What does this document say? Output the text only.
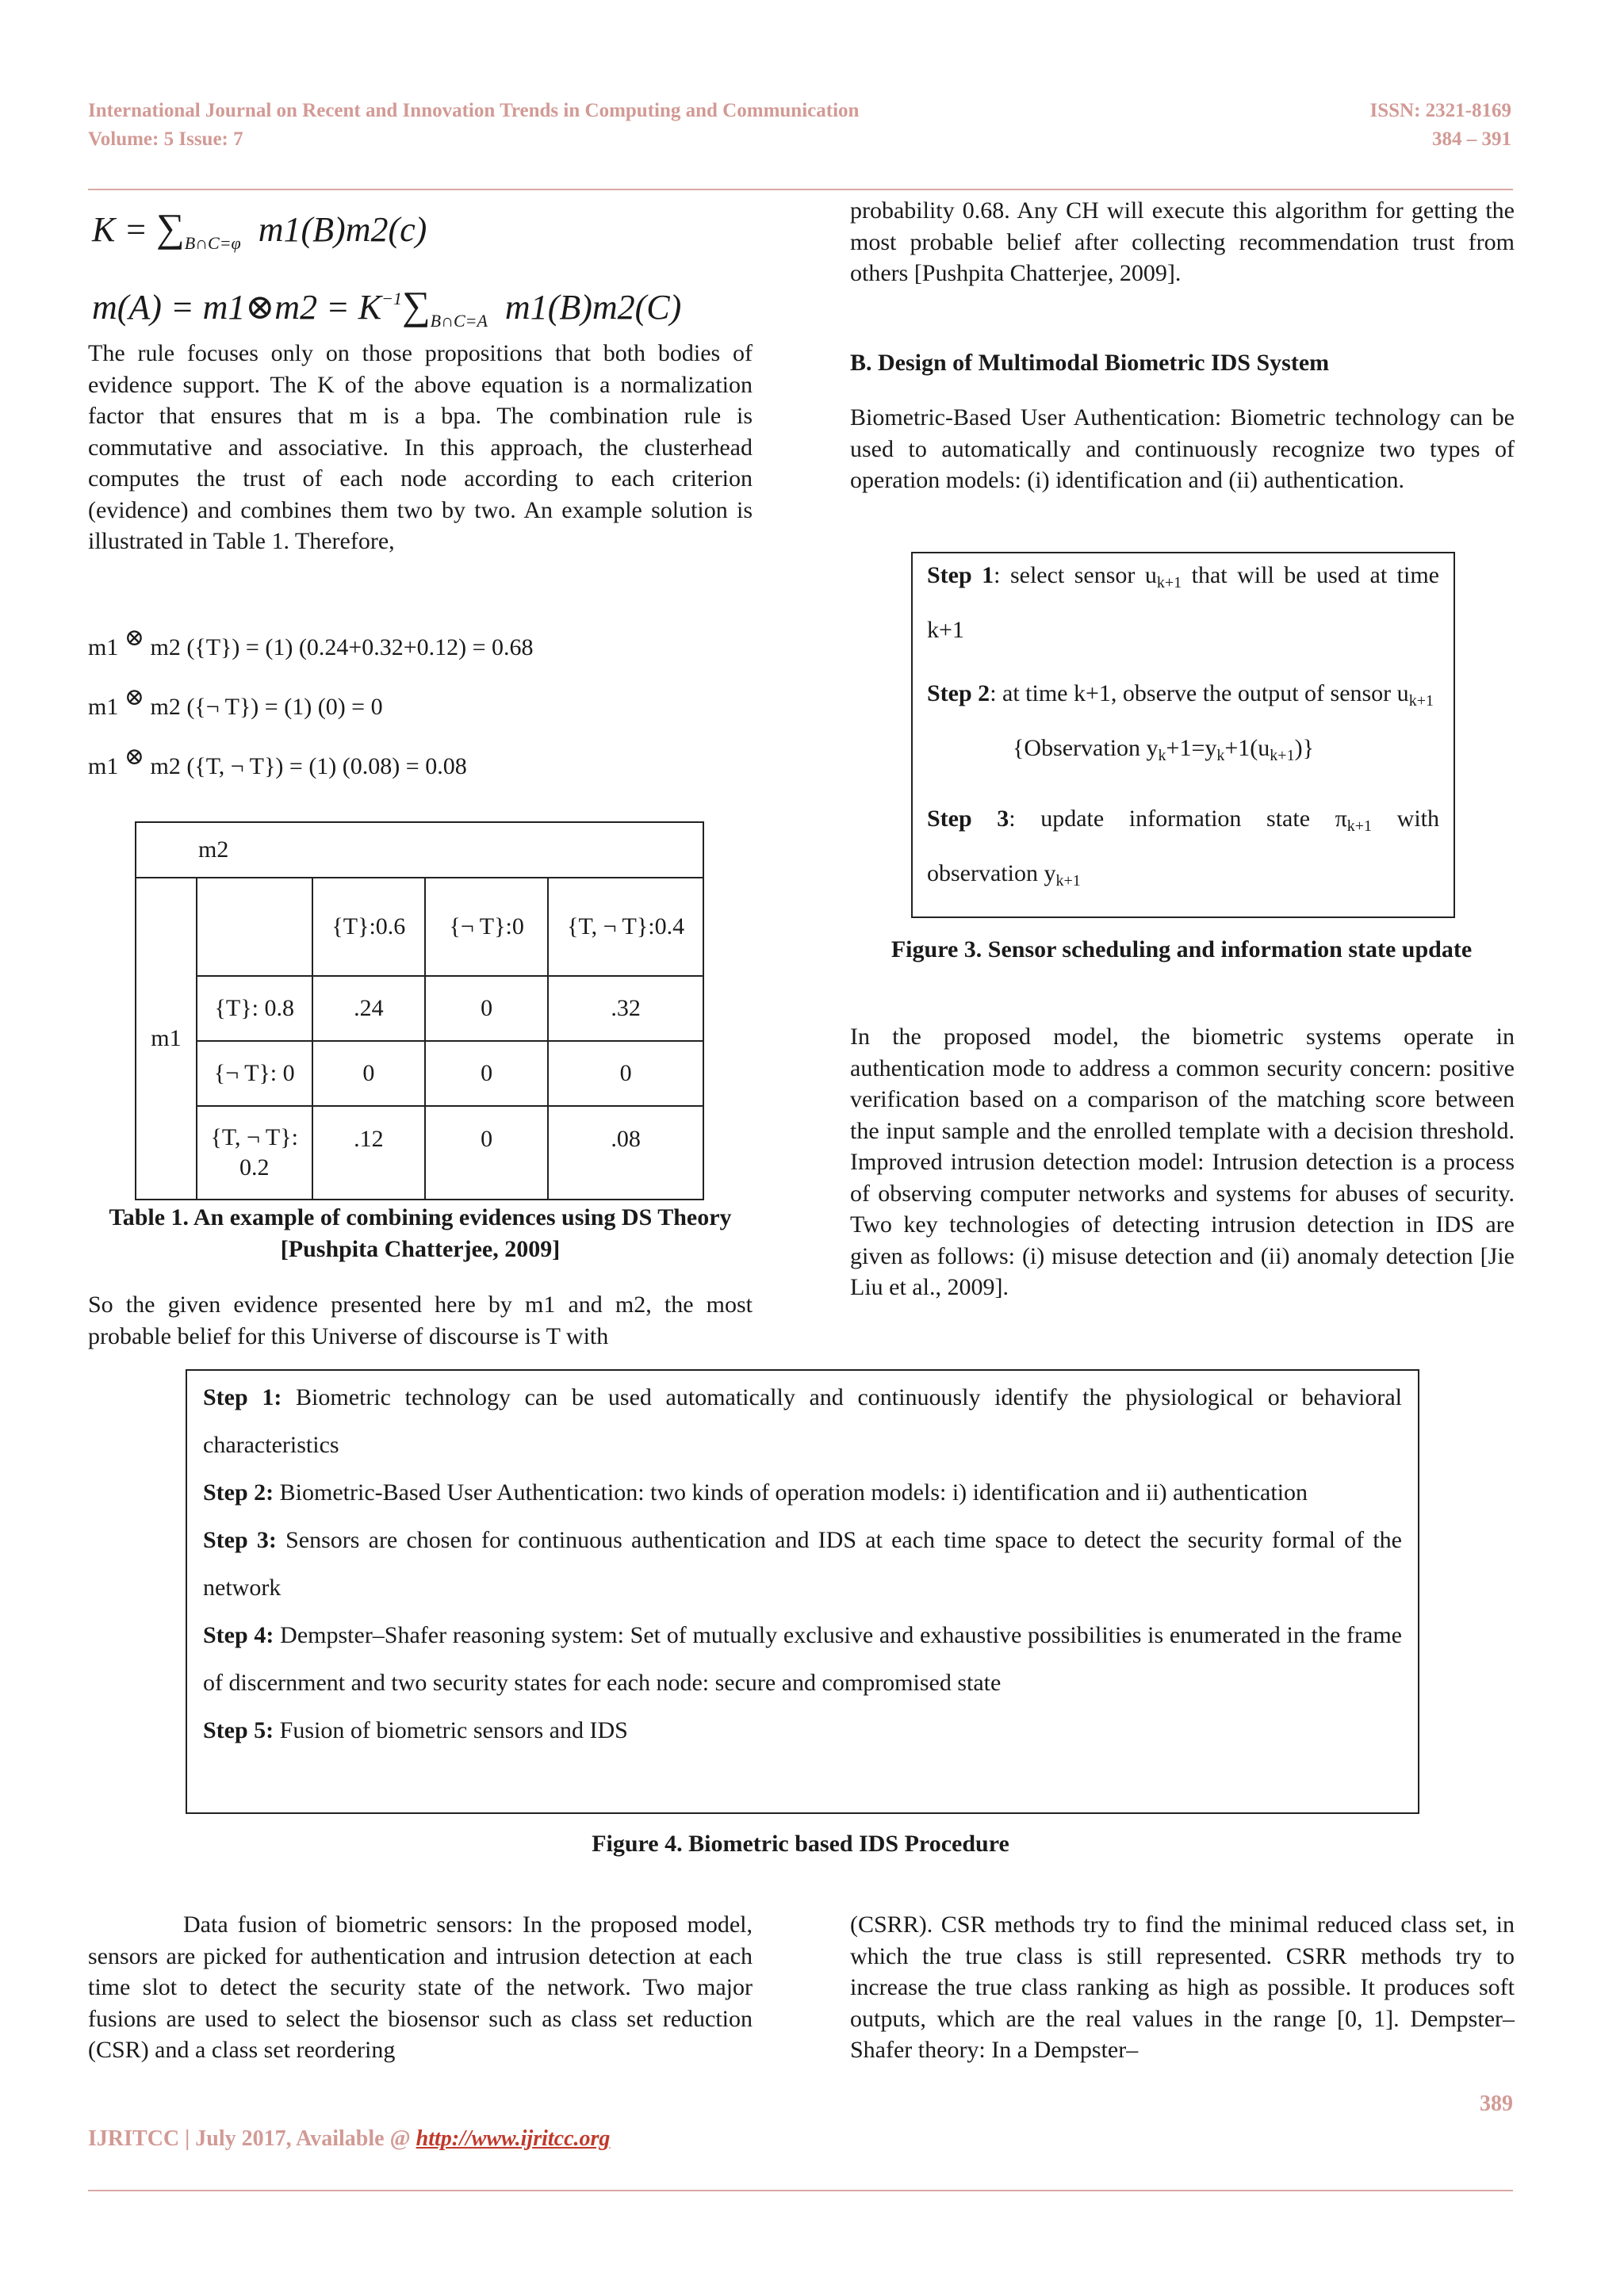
International Journal on Recent and Innovation Trends in Computing and Communication
Volume: 5 Issue: 7
ISSN: 2321-8169
384 – 391
$K = \sum_{B\cap C=\varphi}$  m1(B)m2(c)
m(A) = m1⊗m2 = $K^{-1}\sum_{B\cap C=A}$  m1(B)m2(C)
The rule focuses only on those propositions that both bodies of evidence support. The K of the above equation is a normalization factor that ensures that m is a bpa. The combination rule is commutative and associative. In this approach, the clusterhead computes the trust of each node according to each criterion (evidence) and combines them two by two. An example solution is illustrated in Table 1. Therefore,
m1 ⊗ m2 ({T}) = (1) (0.24+0.32+0.12) = 0.68
m1 ⊗ m2 ({¬ T}) = (1) (0) = 0
m1 ⊗ m2 ({T, ¬ T}) = (1) (0.08) = 0.08
m2				
m1		{T}:0.6	{¬ T}:0	{T, ¬ T}:0.4
	{T}: 0.8	.24	0	.32
	{¬ T}: 0	0	0	0
	{T, ¬ T}: 0.2	.12	0	.08
Table 1. An example of combining evidences using DS Theory [Pushpita Chatterjee, 2009]
So the given evidence presented here by m1 and m2, the most probable belief for this Universe of discourse is T with
probability 0.68. Any CH will execute this algorithm for getting the most probable belief after collecting recommendation trust from others [Pushpita Chatterjee, 2009].
B. Design of Multimodal Biometric IDS System
Biometric-Based User Authentication: Biometric technology can be used to automatically and continuously recognize two types of operation models: (i) identification and (ii) authentication.
Step 1: select sensor $u_{k+1}$ that will be used at time k+1
Step 2: at time k+1, observe the output of sensor $u_{k+1}$
{Observation $y_k+1=y_k+1(u_{k+1})$}
Step 3: update information state $\pi_{k+1}$ with observation $y_{k+1}$
Figure 3. Sensor scheduling and information state update
In the proposed model, the biometric systems operate in authentication mode to address a common security concern: positive verification based on a comparison of the matching score between the input sample and the enrolled template with a decision threshold. Improved intrusion detection model: Intrusion detection is a process of observing computer networks and systems for abuses of security. Two key technologies of detecting intrusion detection in IDS are given as follows: (i) misuse detection and (ii) anomaly detection [Jie Liu et al., 2009].
Step 1: Biometric technology can be used automatically and continuously identify the physiological or behavioral characteristics
Step 2: Biometric-Based User Authentication: two kinds of operation models: i) identification and ii) authentication
Step 3: Sensors are chosen for continuous authentication and IDS at each time space to detect the security formal of the network
Step 4: Dempster–Shafer reasoning system: Set of mutually exclusive and exhaustive possibilities is enumerated in the frame of discernment and two security states for each node: secure and compromised state
Step 5: Fusion of biometric sensors and IDS
Figure 4. Biometric based IDS Procedure
Data fusion of biometric sensors: In the proposed model, sensors are picked for authentication and intrusion detection at each time slot to detect the security state of the network. Two major fusions are used to select the biosensor such as class set reduction (CSR) and a class set reordering
(CSRR). CSR methods try to find the minimal reduced class set, in which the true class is still represented. CSRR methods try to increase the true class ranking as high as possible. It produces soft outputs, which are the real values in the range [0, 1]. Dempster–Shafer theory: In a Dempster–
389
IJRITCC | July 2017, Available @ http://www.ijritcc.org
